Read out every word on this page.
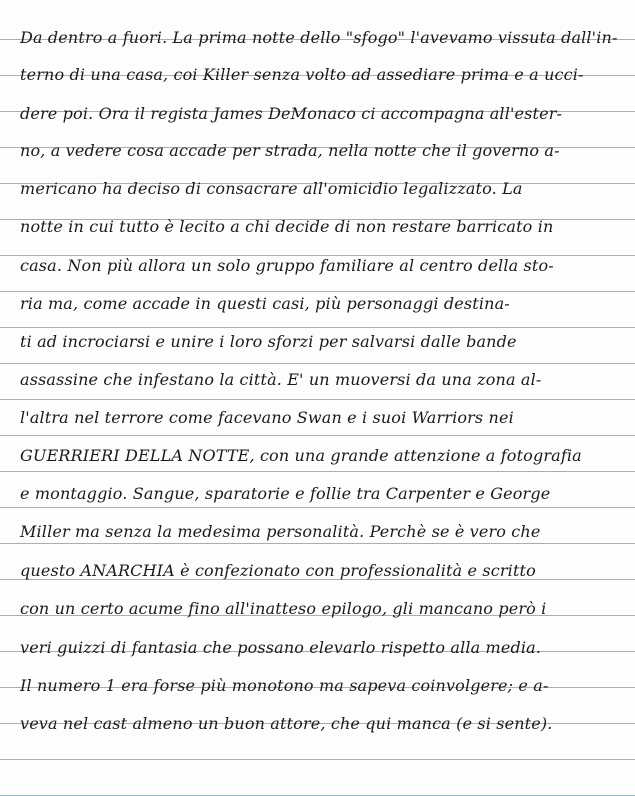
Da dentro a fuori. La prima notte dello "sfogo" l'avevamo vissuta dall'in-
terno di una casa, coi Killer senza volto ad assediare prima e a ucci-
dere poi. Ora il regista James DeMonaco ci accompagna all'ester-
no, a vedere cosa accade per strada, nella notte che il governo a-
mericano ha deciso di consacrare all'omicidio legalizzato. La
notte in cui tutto è lecito a chi decide di non restare barricato in
casa. Non più allora un solo gruppo familiare al centro della sto-
ria ma, come accade in questi casi, più personaggi destina-
ti ad incrociarsi e unire i loro sforzi per salvarsi dalle bande
assassine che infestano la città. E' un muoversi da una zona al-
l'altra nel terrore come facevano Swan e i suoi Warriors nei
GUERRIERI DELLA NOTTE, con una grande attenzione a fotografia
e montaggio. Sangue, sparatorie e follie tra Carpenter e George
Miller ma senza la medesima personalità. Perchè se è vero che
questo ANARCHIA è confezionato con professionalità e scritto
con un certo acume fino all'inatteso epilogo, gli mancano però i
veri guizzi di fantasia che possano elevarlo rispetto alla media.
Il numero 1 era forse più monotono ma sapeva coinvolgere; e a-
veva nel cast almeno un buon attore, che qui manca (e si sente).
